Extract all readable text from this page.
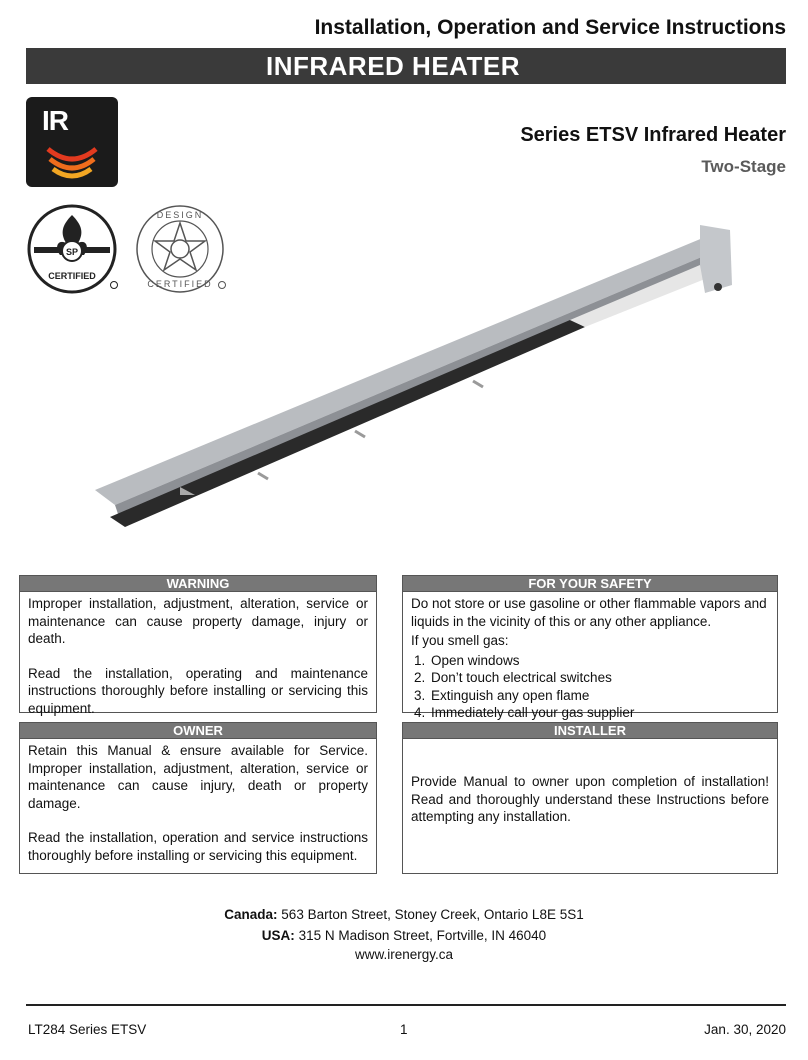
Installation, Operation and Service Instructions
INFRARED HEATER
IR
SP
CERTIFIED
DESIGN
CERTIFIED
Series ETSV Infrared Heater
Two-Stage
WARNING

Improper installation, adjustment, alteration, service or maintenance can cause property damage, injury or death.

Read the installation, operating and maintenance instructions thoroughly before installing or servicing this equipment.

FOR YOUR SAFETY

Do not store or use gasoline or other flammable vapors and liquids in the vicinity of this or any other appliance.

If you smell gas:

1. Open windows
2. Don’t touch electrical switches
3. Extinguish any open flame
4. Immediately call your gas supplier
OWNER

Retain this Manual & ensure available for Service. Improper installation, adjustment, alteration, service or maintenance can cause injury, death or property damage.

Read the installation, operation and service instructions thoroughly before installing or servicing this equipment.

INSTALLER

Provide Manual to owner upon completion of installation! Read and thoroughly understand these Instructions before attempting any installation.

Canada: 563 Barton Street, Stoney Creek, Ontario L8E 5S1
USA: 315 N Madison Street, Fortville, IN 46040
www.irenergy.ca
LT284 Series ETSV	1	Jan. 30, 2020
